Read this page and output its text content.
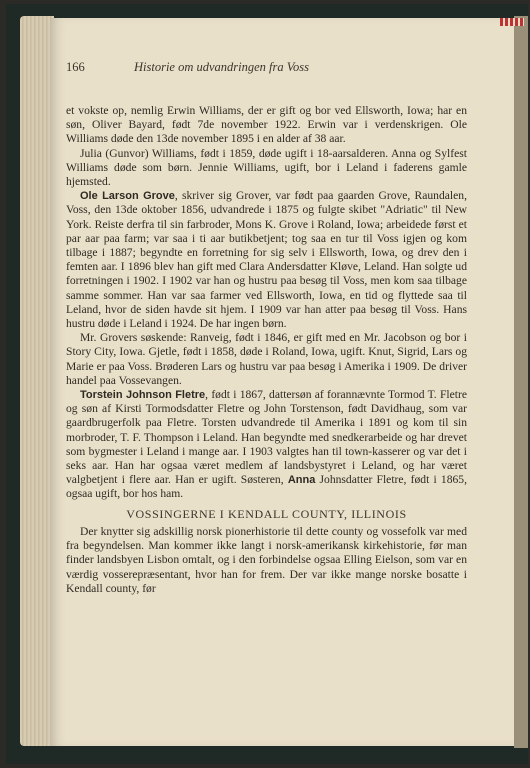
166	Historie om udvandringen fra Voss

et vokste op, nemlig Erwin Williams, der er gift og bor ved Ellsworth, Iowa; har en søn, Oliver Bayard, født 7de november 1922. Erwin var i verdenskrigen. Ole Williams døde den 13de november 1895 i en alder af 38 aar.

Julia (Gunvor) Williams, født i 1859, døde ugift i 18-aarsalderen. Anna og Sylfest Williams døde som børn. Jennie Williams, ugift, bor i Leland i faderens gamle hjemsted.

Ole Larson Grove, skriver sig Grover, var født paa gaarden Grove, Raundalen, Voss, den 13de oktober 1856, udvandrede i 1875 og fulgte skibet "Adriatic" til New York. Reiste derfra til sin farbroder, Mons K. Grove i Roland, Iowa; arbeidede først et par aar paa farm; var saa i ti aar butikbetjent; tog saa en tur til Voss igjen og kom tilbage i 1887; begyndte en forretning for sig selv i Ellsworth, Iowa, og drev den i femten aar. I 1896 blev han gift med Clara Andersdatter Kløve, Leland. Han solgte ud forretningen i 1902. I 1902 var han og hustru paa besøg til Voss, men kom saa tilbage samme sommer. Han var saa farmer ved Ellsworth, Iowa, en tid og flyttede saa til Leland, hvor de siden havde sit hjem. I 1909 var han atter paa besøg til Voss. Hans hustru døde i Leland i 1924. De har ingen børn.

Mr. Grovers søskende: Ranveig, født i 1846, er gift med en Mr. Jacobson og bor i Story City, Iowa. Gjetle, født i 1858, døde i Roland, Iowa, ugift. Knut, Sigrid, Lars og Marie er paa Voss. Brøderen Lars og hustru var paa besøg i Amerika i 1909. De driver handel paa Vossevangen.

Torstein Johnson Fletre, født i 1867, dattersøn af forannævnte Tormod T. Fletre og søn af Kirsti Tormodsdatter Fletre og John Torstenson, født Davidhaug, som var gaardbrugerfolk paa Fletre. Torsten udvandrede til Amerika i 1891 og kom til sin morbroder, T. F. Thompson i Leland. Han begyndte med snedkerarbeide og har drevet som bygmester i Leland i mange aar. I 1903 valgtes han til town-kasserer og var det i seks aar. Han har ogsaa været medlem af landsbystyret i Leland, og har været valgbetjent i flere aar. Han er ugift. Søsteren, Anna Johnsdatter Fletre, født i 1865, ogsaa ugift, bor hos ham.

VOSSINGERNE I KENDALL COUNTY, ILLINOIS

Der knytter sig adskillig norsk pionerhistorie til dette county og vossefolk var med fra begyndelsen. Man kommer ikke langt i norsk-amerikansk kirkehistorie, før man finder landsbyen Lisbon omtalt, og i den forbindelse ogsaa Elling Eielson, som var en værdig vosserepræsentant, hvor han for frem. Der var ikke mange norske bosatte i Kendall county, før
